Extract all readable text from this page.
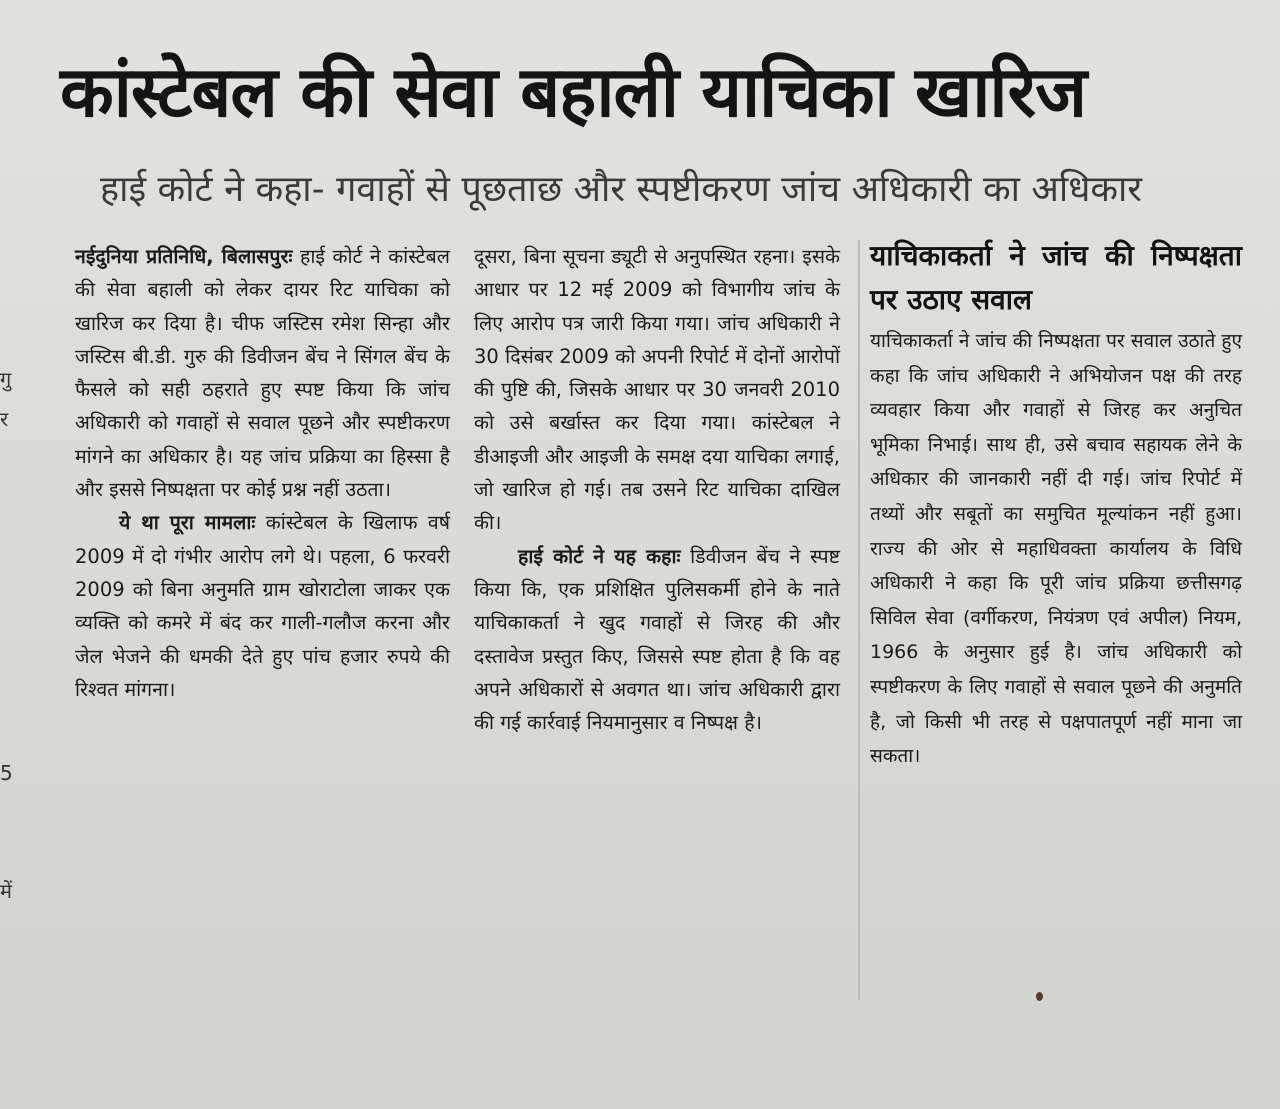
कांस्टेबल की सेवा बहाली याचिका खारिज
हाई कोर्ट ने कहा- गवाहों से पूछताछ और स्पष्टीकरण जांच अधिकारी का अधिकार
गु
र
5
में

नईदुनिया प्रतिनिधि, बिलासपुरः हाई कोर्ट ने कांस्टेबल की सेवा बहाली को लेकर दायर रिट याचिका को खारिज कर दिया है। चीफ जस्टिस रमेश सिन्हा और जस्टिस बी.डी. गुरु की डिवीजन बेंच ने सिंगल बेंच के फैसले को सही ठहराते हुए स्पष्ट किया कि जांच अधिकारी को गवाहों से सवाल पूछने और स्पष्टीकरण मांगने का अधिकार है। यह जांच प्रक्रिया का हिस्सा है और इससे निष्पक्षता पर कोई प्रश्न नहीं उठता।

ये था पूरा मामलाः कांस्टेबल के खिलाफ वर्ष 2009 में दो गंभीर आरोप लगे थे। पहला, 6 फरवरी 2009 को बिना अनुमति ग्राम खोराटोला जाकर एक व्यक्ति को कमरे में बंद कर गाली-गलौज करना और जेल भेजने की धमकी देते हुए पांच हजार रुपये की रिश्वत मांगना।

दूसरा, बिना सूचना ड्यूटी से अनुपस्थित रहना। इसके आधार पर 12 मई 2009 को विभागीय जांच के लिए आरोप पत्र जारी किया गया। जांच अधिकारी ने 30 दिसंबर 2009 को अपनी रिपोर्ट में दोनों आरोपों की पुष्टि की, जिसके आधार पर 30 जनवरी 2010 को उसे बर्खास्त कर दिया गया। कांस्टेबल ने डीआइजी और आइजी के समक्ष दया याचिका लगाई, जो खारिज हो गई। तब उसने रिट याचिका दाखिल की।

हाई कोर्ट ने यह कहाः डिवीजन बेंच ने स्पष्ट किया कि, एक प्रशिक्षित पुलिसकर्मी होने के नाते याचिकाकर्ता ने खुद गवाहों से जिरह की और दस्तावेज प्रस्तुत किए, जिससे स्पष्ट होता है कि वह अपने अधिकारों से अवगत था। जांच अधिकारी द्वारा की गई कार्रवाई नियमानुसार व निष्पक्ष है।

याचिकाकर्ता ने जांच की निष्पक्षता पर उठाए सवाल
याचिकाकर्ता ने जांच की निष्पक्षता पर सवाल उठाते हुए कहा कि जांच अधिकारी ने अभियोजन पक्ष की तरह व्यवहार किया और गवाहों से जिरह कर अनुचित भूमिका निभाई। साथ ही, उसे बचाव सहायक लेने के अधिकार की जानकारी नहीं दी गई। जांच रिपोर्ट में तथ्यों और सबूतों का समुचित मूल्यांकन नहीं हुआ। राज्य की ओर से महाधिवक्ता कार्यालय के विधि अधिकारी ने कहा कि पूरी जांच प्रक्रिया छत्तीसगढ़ सिविल सेवा (वर्गीकरण, नियंत्रण एवं अपील) नियम, 1966 के अनुसार हुई है। जांच अधिकारी को स्पष्टीकरण के लिए गवाहों से सवाल पूछने की अनुमति है, जो किसी भी तरह से पक्षपातपूर्ण नहीं माना जा सकता।
